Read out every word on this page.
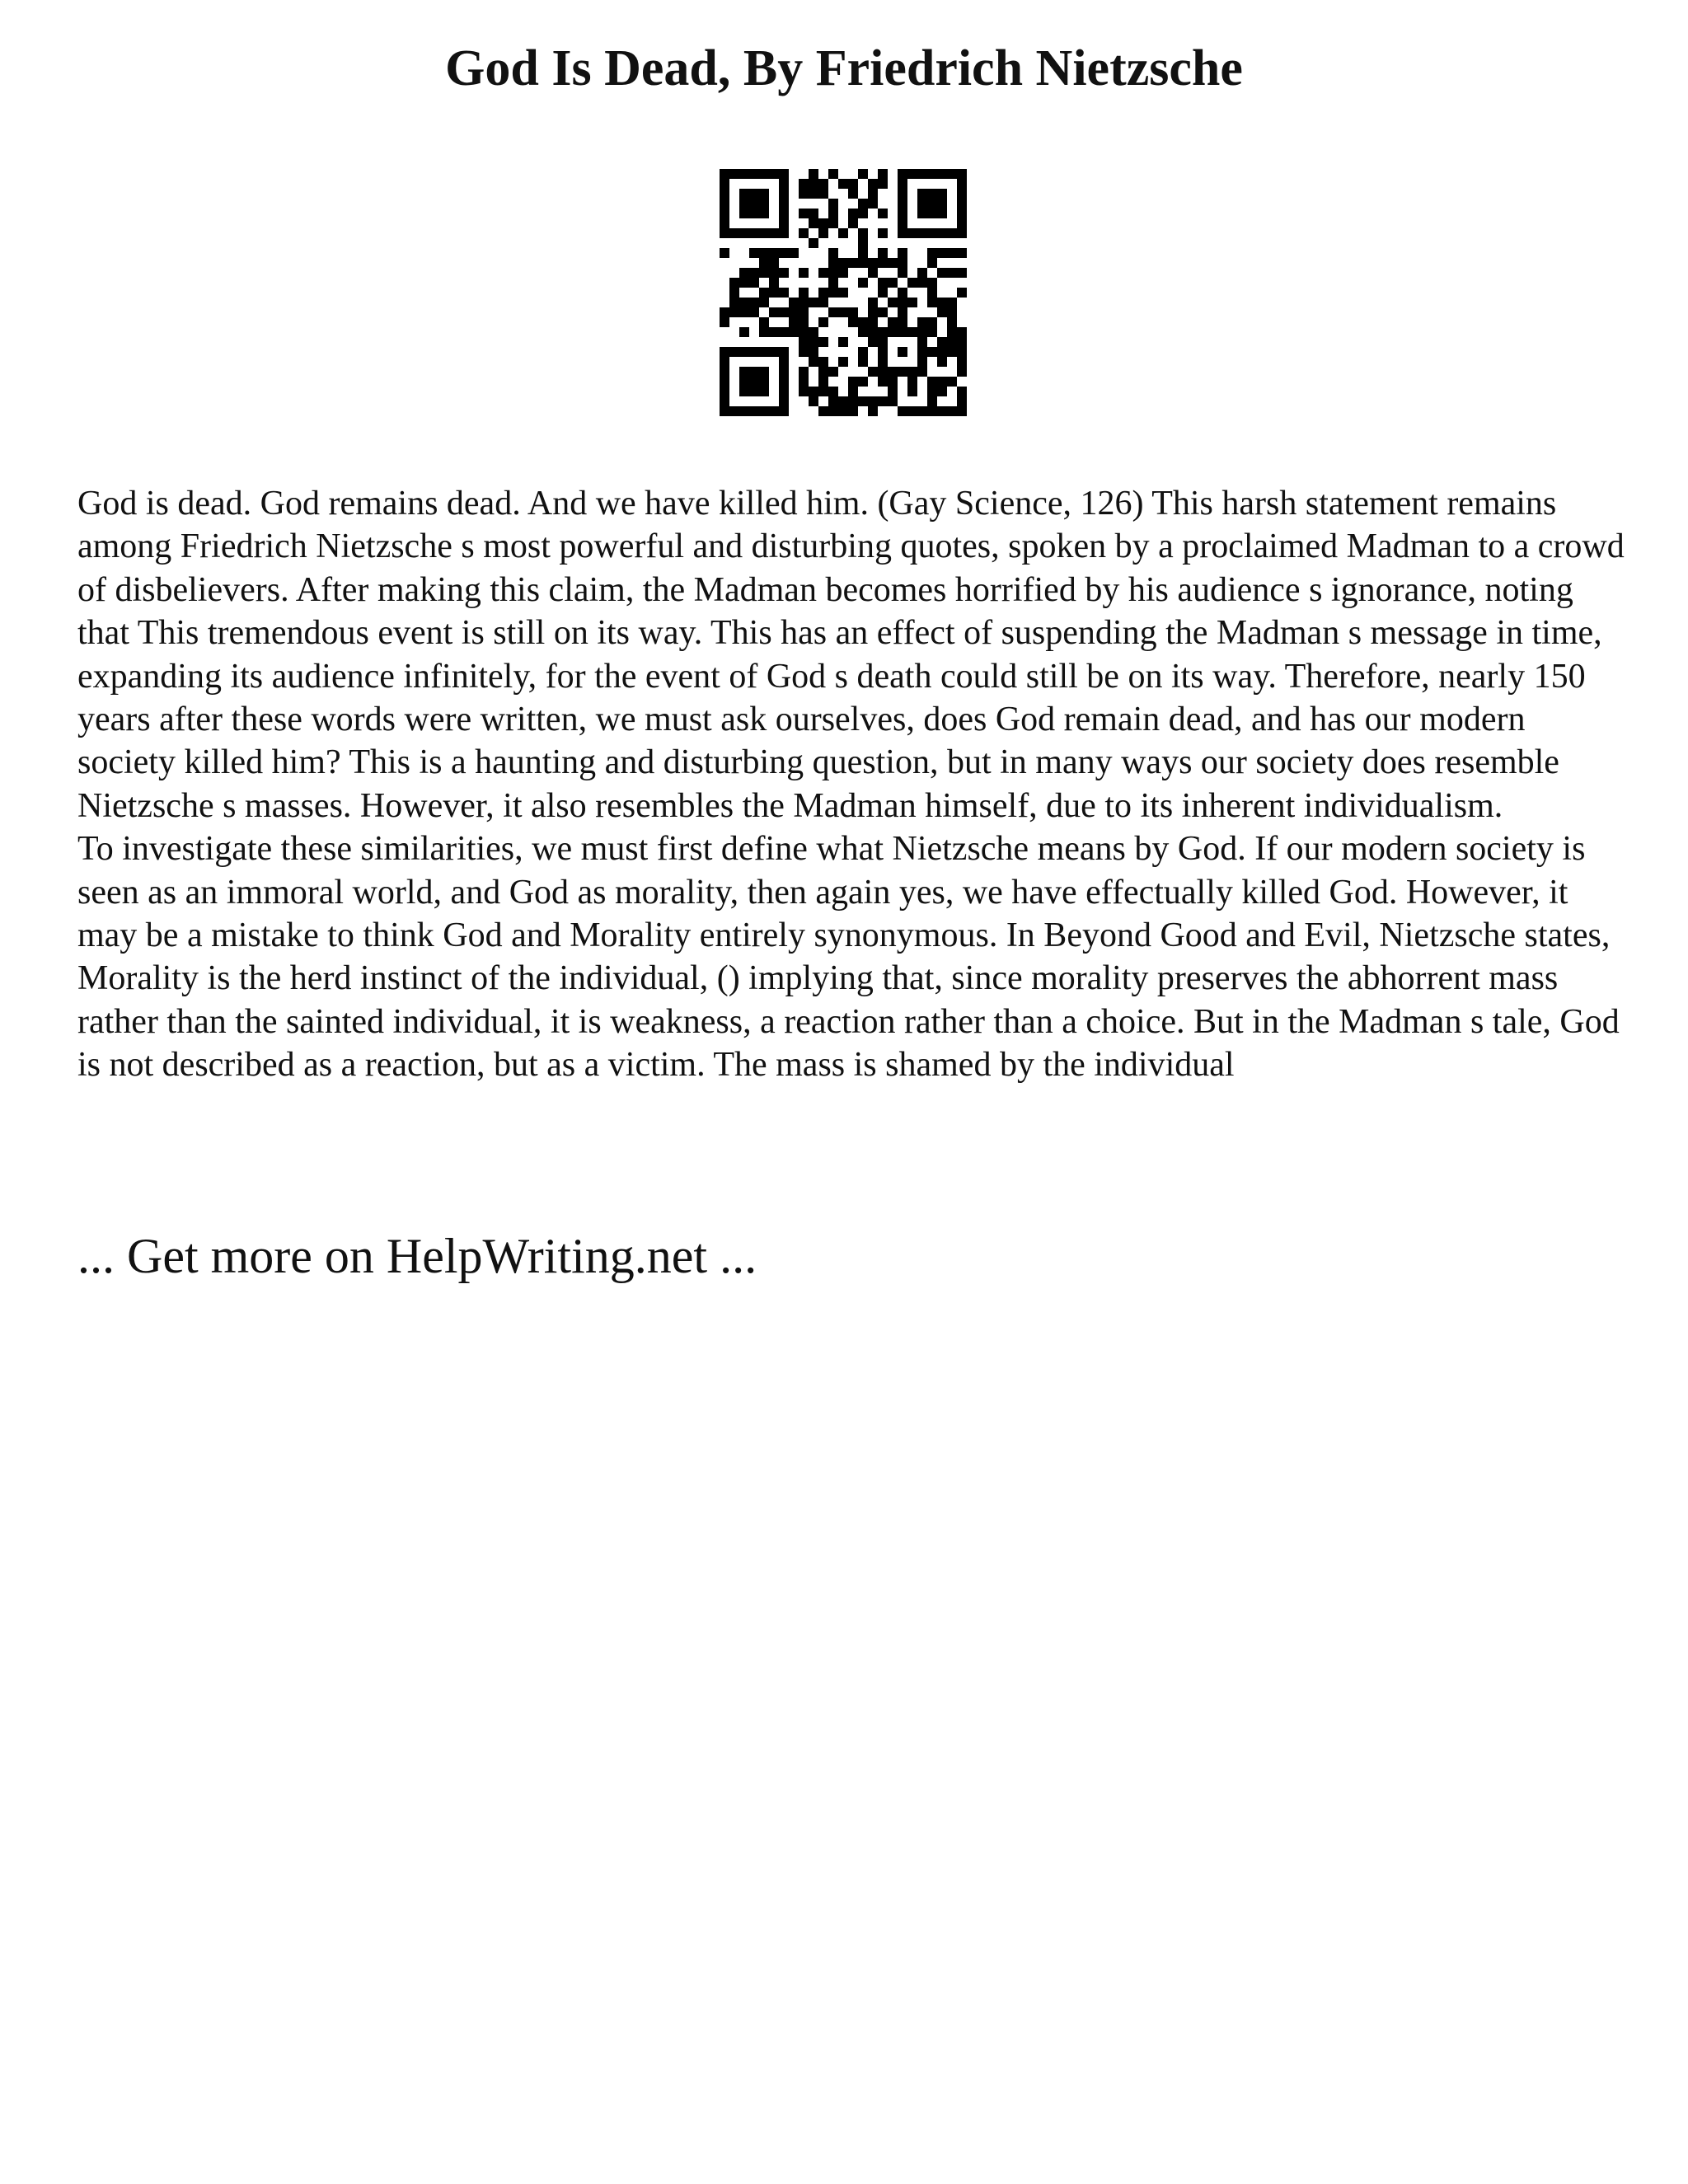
God Is Dead, By Friedrich Nietzsche

God is dead. God remains dead. And we have killed him. (Gay Science, 126) This harsh statement remains among Friedrich Nietzsche s most powerful and disturbing quotes, spoken by a proclaimed Madman to a crowd of disbelievers. After making this claim, the Madman becomes horrified by his audience s ignorance, noting that This tremendous event is still on its way. This has an effect of suspending the Madman s message in time, expanding its audience infinitely, for the event of God s death could still be on its way. Therefore, nearly 150 years after these words were written, we must ask ourselves, does God remain dead, and has our modern society killed him? This is a haunting and disturbing question, but in many ways our society does resemble Nietzsche s masses. However, it also resembles the Madman himself, due to its inherent individualism.

To investigate these similarities, we must first define what Nietzsche means by God. If our modern society is seen as an immoral world, and God as morality, then again yes, we have effectually killed God. However, it may be a mistake to think God and Morality entirely synonymous. In Beyond Good and Evil, Nietzsche states, Morality is the herd instinct of the individual, () implying that, since morality preserves the abhorrent mass rather than the sainted individual, it is weakness, a reaction rather than a choice. But in the Madman s tale, God is not described as a reaction, but as a victim. The mass is shamed by the individual

... Get more on HelpWriting.net ...
